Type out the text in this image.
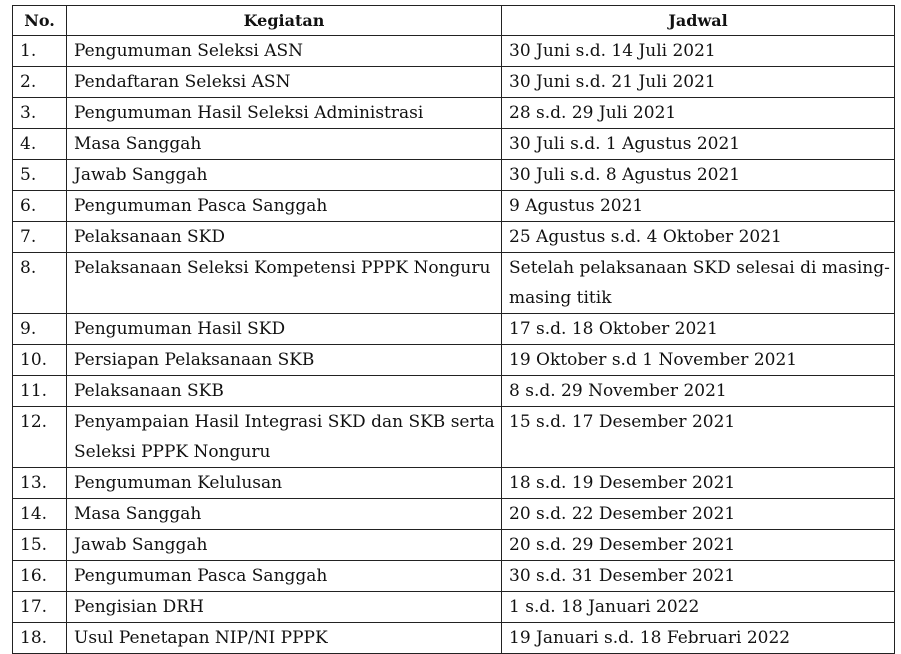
No.	Kegiatan	Jadwal
1.	Pengumuman Seleksi ASN	30 Juni s.d. 14 Juli 2021
2.	Pendaftaran Seleksi ASN	30 Juni s.d. 21 Juli 2021
3.	Pengumuman Hasil Seleksi Administrasi	28 s.d. 29 Juli 2021
4.	Masa Sanggah	30 Juli s.d. 1 Agustus 2021
5.	Jawab Sanggah	30 Juli s.d. 8 Agustus 2021
6.	Pengumuman Pasca Sanggah	9 Agustus 2021
7.	Pelaksanaan SKD	25 Agustus s.d. 4 Oktober 2021
8.	Pelaksanaan Seleksi Kompetensi PPPK Nonguru	Setelah pelaksanaan SKD selesai di masing-masing titik
9.	Pengumuman Hasil SKD	17 s.d. 18 Oktober 2021
10.	Persiapan Pelaksanaan SKB	19 Oktober s.d 1 November 2021
11.	Pelaksanaan SKB	8 s.d. 29 November 2021
12.	Penyampaian Hasil Integrasi SKD dan SKB serta Seleksi PPPK Nonguru	15 s.d. 17 Desember 2021
13.	Pengumuman Kelulusan	18 s.d. 19 Desember 2021
14.	Masa Sanggah	20 s.d. 22 Desember 2021
15.	Jawab Sanggah	20 s.d. 29 Desember 2021
16.	Pengumuman Pasca Sanggah	30 s.d. 31 Desember 2021
17.	Pengisian DRH	1 s.d. 18 Januari 2022
18.	Usul Penetapan NIP/NI PPPK	19 Januari s.d. 18 Februari 2022
